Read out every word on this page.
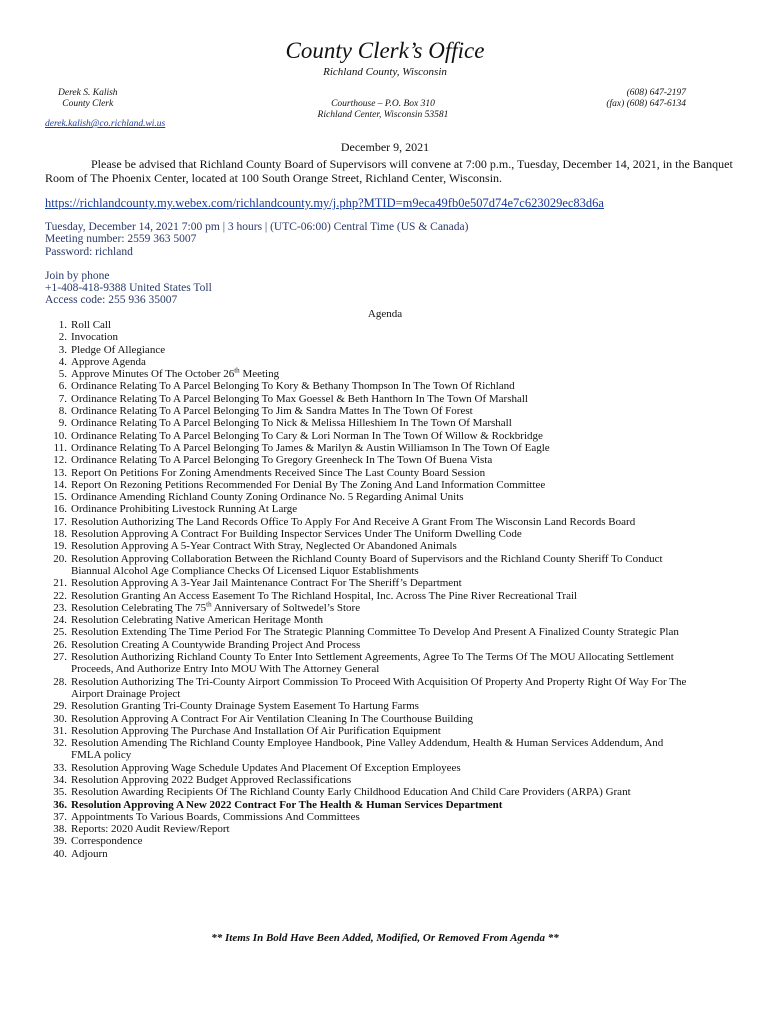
County Clerk’s Office
Richland County, Wisconsin
Derek S. Kalish
County Clerk	Courthouse – P.O. Box 310
Richland Center, Wisconsin 53581
(608) 647-2197
(fax) (608) 647-6134
derek.kalish@co.richland.wi.us
December 9, 2021
Please be advised that Richland County Board of Supervisors will convene at 7:00 p.m., Tuesday, December 14, 2021, in the Banquet Room of The Phoenix Center, located at 100 South Orange Street, Richland Center, Wisconsin.
https://richlandcounty.my.webex.com/richlandcounty.my/j.php?MTID=m9eca49fb0e507d74e7c623029ec83d6a
Tuesday, December 14, 2021 7:00 pm | 3 hours | (UTC-06:00) Central Time (US & Canada)
Meeting number: 2559 363 5007
Password: richland
Join by phone
+1-408-418-9388 United States Toll
Access code: 255 936 35007
Agenda
1. Roll Call
2. Invocation
3. Pledge Of Allegiance
4. Approve Agenda
5. Approve Minutes Of The October 26th Meeting
6. Ordinance Relating To A Parcel Belonging To Kory & Bethany Thompson In The Town Of Richland
7. Ordinance Relating To A Parcel Belonging To Max Goessel & Beth Hanthorn In The Town Of Marshall
8. Ordinance Relating To A Parcel Belonging To Jim & Sandra Mattes In The Town Of Forest
9. Ordinance Relating To A Parcel Belonging To Nick & Melissa Hilleshiem In The Town Of Marshall
10. Ordinance Relating To A Parcel Belonging To Cary & Lori Norman In The Town Of Willow & Rockbridge
11. Ordinance Relating To A Parcel Belonging To James & Marilyn & Austin Williamson In The Town Of Eagle
12. Ordinance Relating To A Parcel Belonging To Gregory Greenheck In The Town Of Buena Vista
13. Report On Petitions For Zoning Amendments Received Since The Last County Board Session
14. Report On Rezoning Petitions Recommended For Denial By The Zoning And Land Information Committee
15. Ordinance Amending Richland County Zoning Ordinance No. 5 Regarding Animal Units
16. Ordinance Prohibiting Livestock Running At Large
17. Resolution Authorizing The Land Records Office To Apply For And Receive A Grant From The Wisconsin Land Records Board
18. Resolution Approving A Contract For Building Inspector Services Under The Uniform Dwelling Code
19. Resolution Approving A 5-Year Contract With Stray, Neglected Or Abandoned Animals
20. Resolution Approving Collaboration Between the Richland County Board of Supervisors and the Richland County Sheriff To Conduct Biannual Alcohol Age Compliance Checks Of Licensed Liquor Establishments
21. Resolution Approving A 3-Year Jail Maintenance Contract For The Sheriff’s Department
22. Resolution Granting An Access Easement To The Richland Hospital, Inc. Across The Pine River Recreational Trail
23. Resolution Celebrating The 75th Anniversary of Soltwedel’s Store
24. Resolution Celebrating Native American Heritage Month
25. Resolution Extending The Time Period For The Strategic Planning Committee To Develop And Present A Finalized County Strategic Plan
26. Resolution Creating A Countywide Branding Project And Process
27. Resolution Authorizing Richland County To Enter Into Settlement Agreements, Agree To The Terms Of The MOU Allocating Settlement Proceeds, And Authorize Entry Into MOU With The Attorney General
28. Resolution Authorizing The Tri-County Airport Commission To Proceed With Acquisition Of Property And Property Right Of Way For The Airport Drainage Project
29. Resolution Granting Tri-County Drainage System Easement To Hartung Farms
30. Resolution Approving A Contract For Air Ventilation Cleaning In The Courthouse Building
31. Resolution Approving The Purchase And Installation Of Air Purification Equipment
32. Resolution Amending The Richland County Employee Handbook, Pine Valley Addendum, Health & Human Services Addendum, And FMLA policy
33. Resolution Approving Wage Schedule Updates And Placement Of Exception Employees
34. Resolution Approving 2022 Budget Approved Reclassifications
35. Resolution Awarding Recipients Of The Richland County Early Childhood Education And Child Care Providers (ARPA) Grant
36. Resolution Approving A New 2022 Contract For The Health & Human Services Department
37. Appointments To Various Boards, Commissions And Committees
38. Reports: 2020 Audit Review/Report
39. Correspondence
40. Adjourn
** Items In Bold Have Been Added, Modified, Or Removed From Agenda **
